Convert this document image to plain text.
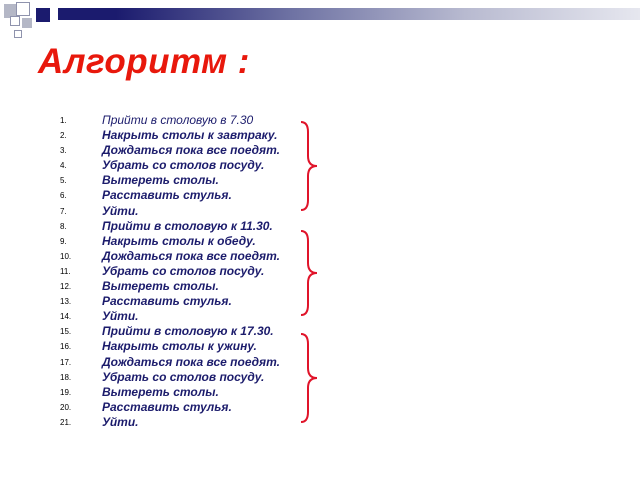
Алгоритм :
1.	Прийти в столовую в 7.30
2.	Накрыть столы к завтраку.
3.	Дождаться пока все поедят.
4.	Убрать со столов посуду.
5.	Вытереть столы.
6.	Расставить стулья.
7.	Уйти.
8.	Прийти в столовую к 11.30.
9.	Накрыть столы к обеду.
10.	Дождаться пока все поедят.
11.	Убрать со столов посуду.
12.	Вытереть столы.
13.	Расставить стулья.
14.	Уйти.
15.	Прийти в столовую к 17.30.
16.	Накрыть столы к ужину.
17.	Дождаться пока все поедят.
18.	Убрать со столов посуду.
19.	Вытереть столы.
20.	Расставить стулья.
21.	Уйти.
